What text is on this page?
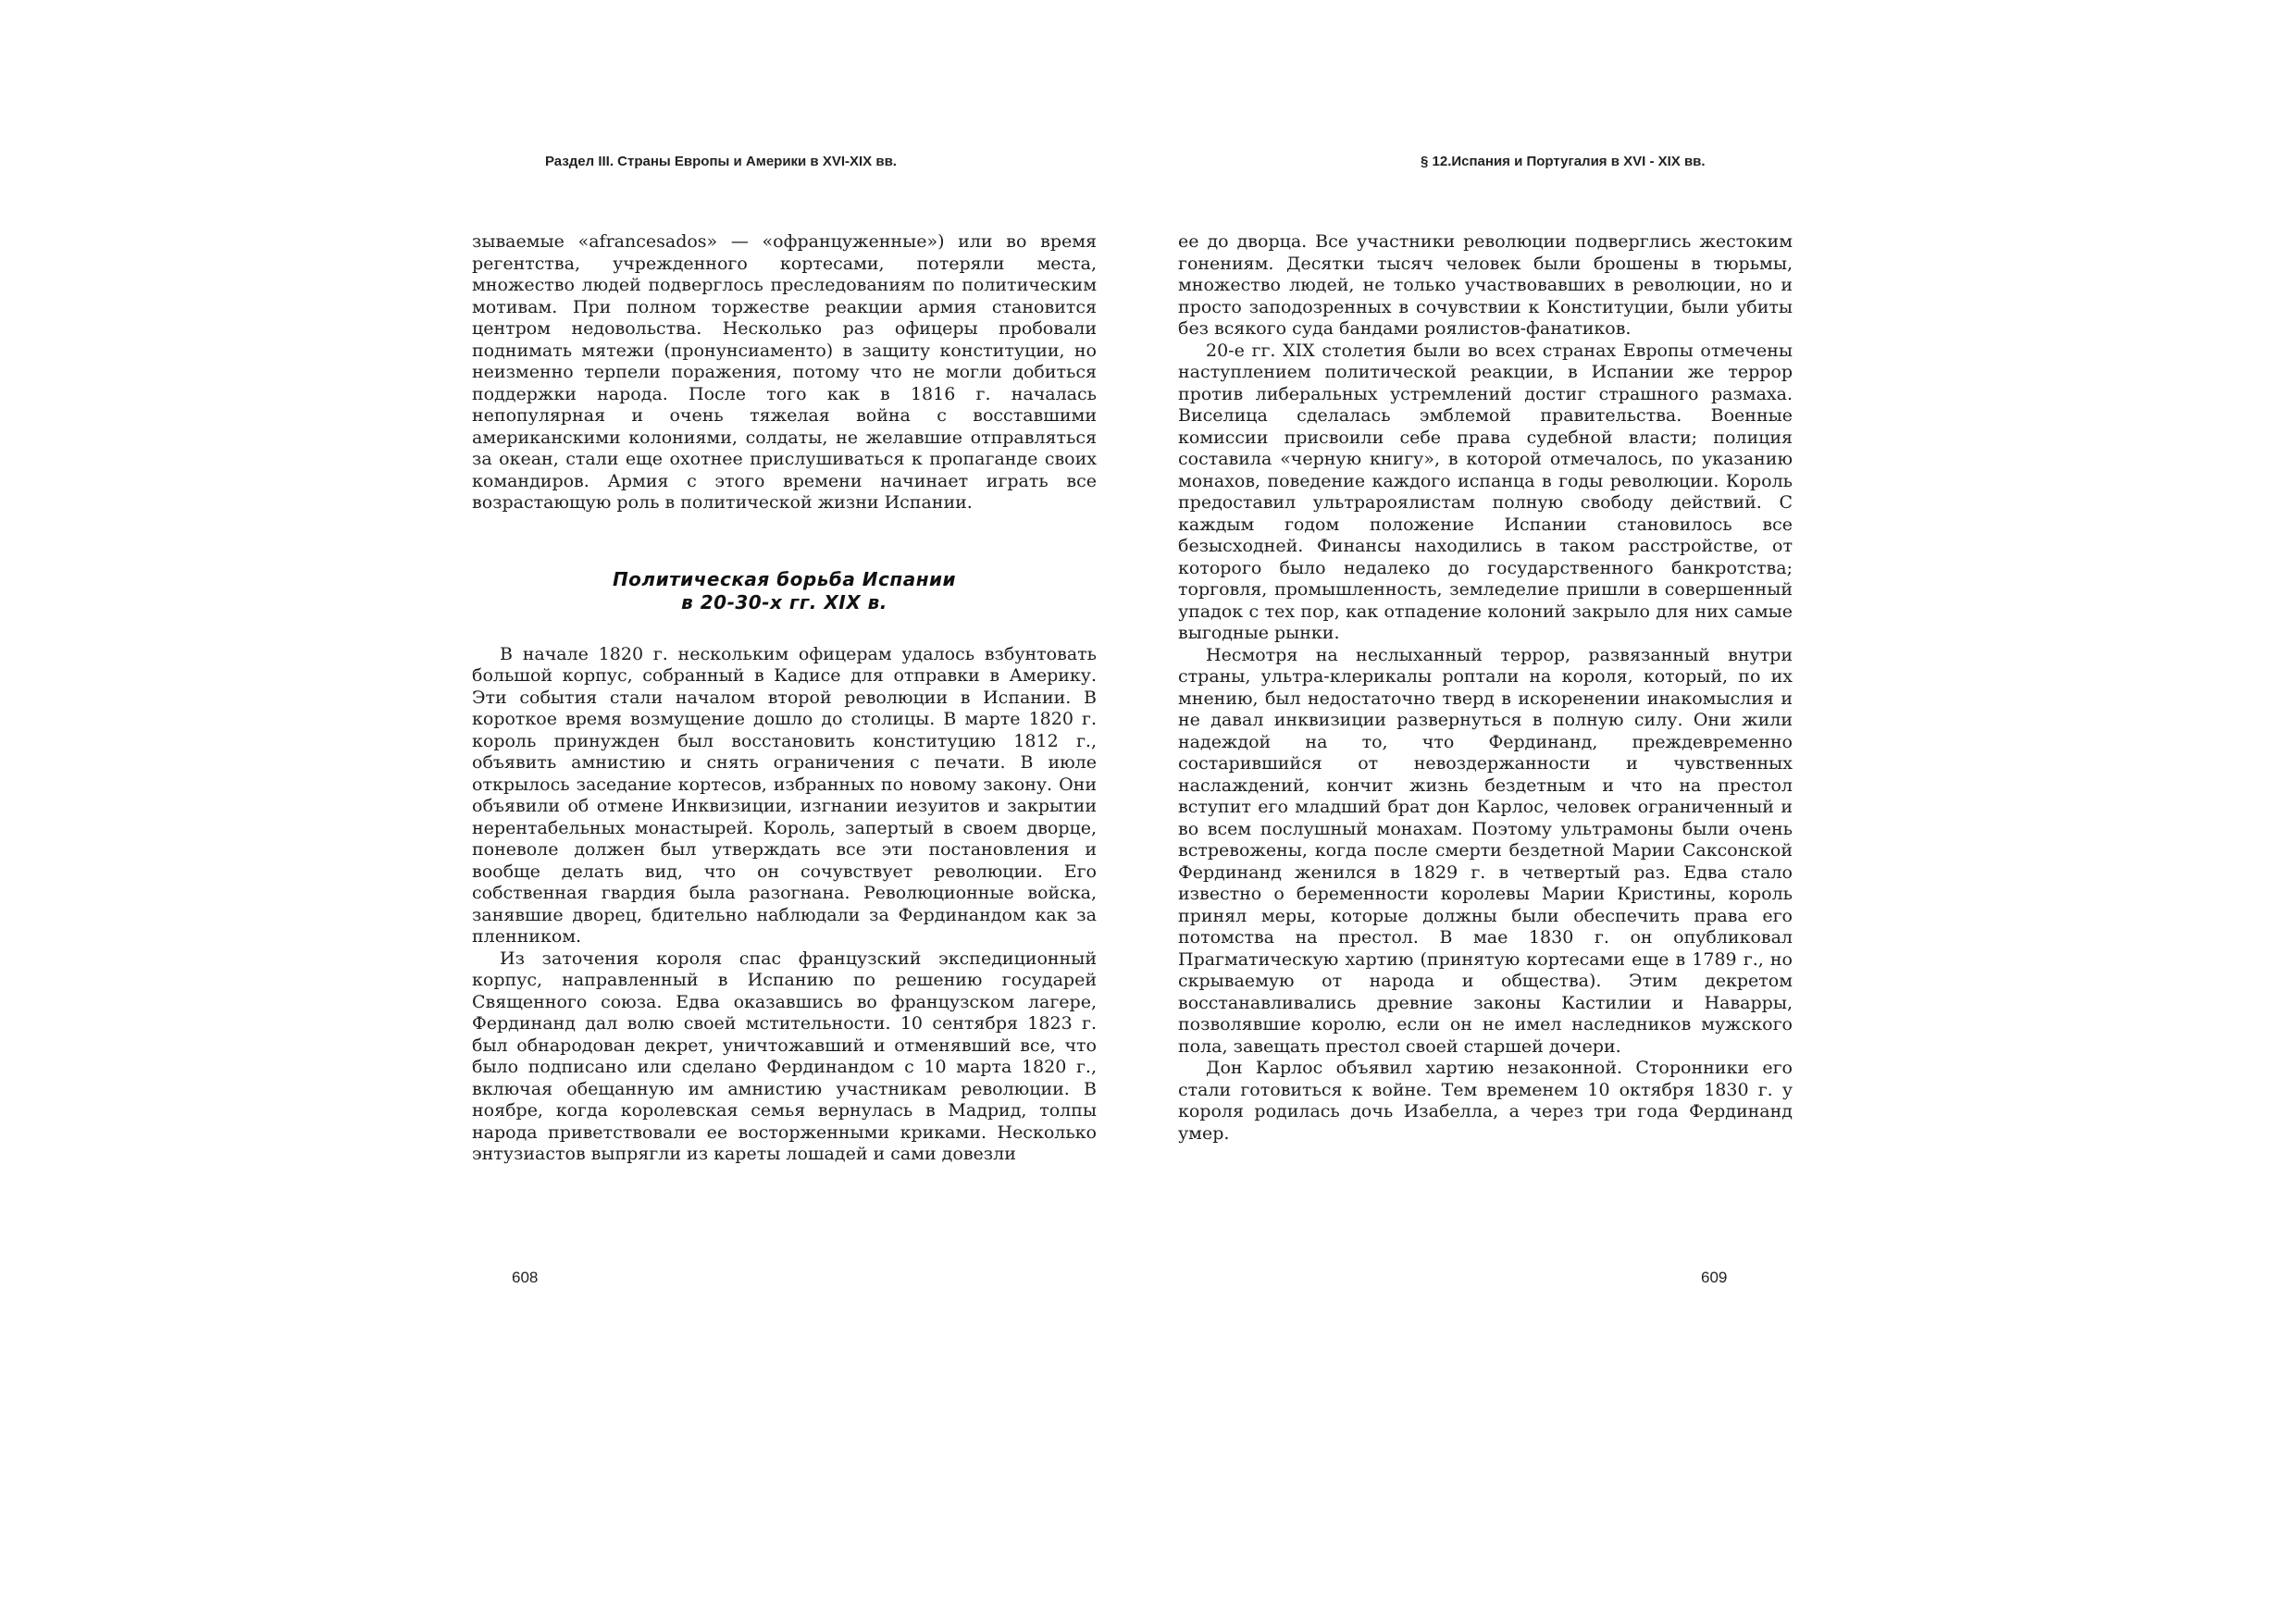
Раздел III. Страны Европы и Америки в XVI-XIX вв.	§ 12.Испания и Португалия в XVI - XIX вв.

зываемые «afrancesados» — «офранцуженные») или во время регентства, учрежденного кортесами, потеряли места, множество людей подверглось преследованиям по политическим мотивам. При полном торжестве реакции армия становится центром недовольства. Несколько раз офицеры пробовали поднимать мятежи (пронунсиаменто) в защиту конституции, но неизменно терпели поражения, потому что не могли добиться поддержки народа. После того как в 1816 г. началась непопулярная и очень тяжелая война с восставшими американскими колониями, солдаты, не желавшие отправляться за океан, стали еще охотнее прислушиваться к пропаганде своих командиров. Армия с этого времени начинает играть все возрастающую роль в политической жизни Испании.

Политическая борьба Испании
в 20-30-х гг. XIX в.

В начале 1820 г. нескольким офицерам удалось взбунтовать большой корпус, собранный в Кадисе для отправки в Америку. Эти события стали началом второй революции в Испании. В короткое время возмущение дошло до столицы. В марте 1820 г. король принужден был восстановить конституцию 1812 г., объявить амнистию и снять ограничения с печати. В июле открылось заседание кортесов, избранных по новому закону. Они объявили об отмене Инквизиции, изгнании иезуитов и закрытии нерентабельных монастырей. Король, запертый в своем дворце, поневоле должен был утверждать все эти постановления и вообще делать вид, что он сочувствует революции. Его собственная гвардия была разогнана. Революционные войска, занявшие дворец, бдительно наблюдали за Фердинандом как за пленником.

Из заточения короля спас французский экспедиционный корпус, направленный в Испанию по решению государей Священного союза. Едва оказавшись во французском лагере, Фердинанд дал волю своей мстительности. 10 сентября 1823 г. был обнародован декрет, уничтожавший и отменявший все, что было подписано или сделано Фердинандом с 10 марта 1820 г., включая обещанную им амнистию участникам революции. В ноябре, когда королевская семья вернулась в Мадрид, толпы народа приветствовали ее восторженными криками. Несколько энтузиастов выпрягли из кареты лошадей и сами довезли

ее до дворца. Все участники революции подверглись жестоким гонениям. Десятки тысяч человек были брошены в тюрьмы, множество людей, не только участвовавших в революции, но и просто заподозренных в сочувствии к Конституции, были убиты без всякого суда бандами роялистов-фанатиков.

20-е гг. XIX столетия были во всех странах Европы отмечены наступлением политической реакции, в Испании же террор против либеральных устремлений достиг страшного размаха. Виселица сделалась эмблемой правительства. Военные комиссии присвоили себе права судебной власти; полиция составила «черную книгу», в которой отмечалось, по указанию монахов, поведение каждого испанца в годы революции. Король предоставил ультрароялистам полную свободу действий. С каждым годом положение Испании становилось все безысходней. Финансы находились в таком расстройстве, от которого было недалеко до государственного банкротства; торговля, промышленность, земледелие пришли в совершенный упадок с тех пор, как отпадение колоний закрыло для них самые выгодные рынки.

Несмотря на неслыханный террор, развязанный внутри страны, ультра-клерикалы роптали на короля, который, по их мнению, был недостаточно тверд в искоренении инакомыслия и не давал инквизиции развернуться в полную силу. Они жили надеждой на то, что Фердинанд, преждевременно состарившийся от невоздержанности и чувственных наслаждений, кончит жизнь бездетным и что на престол вступит его младший брат дон Карлос, человек ограниченный и во всем послушный монахам. Поэтому ультрамоны были очень встревожены, когда после смерти бездетной Марии Саксонской Фердинанд женился в 1829 г. в четвертый раз. Едва стало известно о беременности королевы Марии Кристины, король принял меры, которые должны были обеспечить права его потомства на престол. В мае 1830 г. он опубликовал Прагматическую хартию (принятую кортесами еще в 1789 г., но скрываемую от народа и общества). Этим декретом восстанавливались древние законы Кастилии и Наварры, позволявшие королю, если он не имел наследников мужского пола, завещать престол своей старшей дочери.

Дон Карлос объявил хартию незаконной. Сторонники его стали готовиться к войне. Тем временем 10 октября 1830 г. у короля родилась дочь Изабелла, а через три года Фердинанд умер.

608	609
